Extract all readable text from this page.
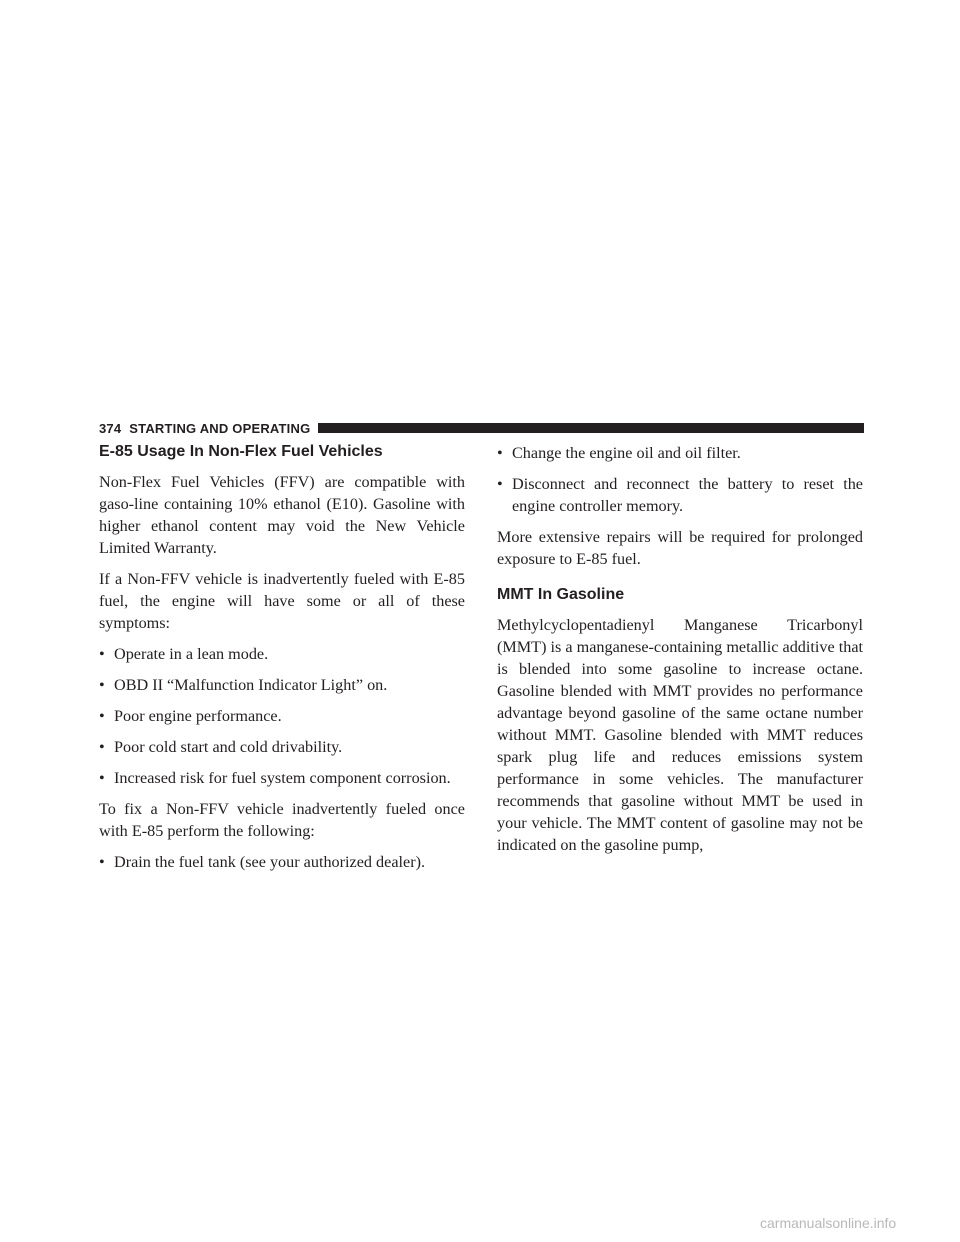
374 STARTING AND OPERATING
E-85 Usage In Non-Flex Fuel Vehicles

Non-Flex Fuel Vehicles (FFV) are compatible with gaso-line containing 10% ethanol (E10). Gasoline with higher ethanol content may void the New Vehicle Limited Warranty.

If a Non-FFV vehicle is inadvertently fueled with E-85 fuel, the engine will have some or all of these symptoms:

• Operate in a lean mode.
• OBD II “Malfunction Indicator Light” on.
• Poor engine performance.
• Poor cold start and cold drivability.
• Increased risk for fuel system component corrosion.

To fix a Non-FFV vehicle inadvertently fueled once with E-85 perform the following:

• Drain the fuel tank (see your authorized dealer).
• Change the engine oil and oil filter.
• Disconnect and reconnect the battery to reset the engine controller memory.

More extensive repairs will be required for prolonged exposure to E-85 fuel.

MMT In Gasoline

Methylcyclopentadienyl Manganese Tricarbonyl (MMT) is a manganese-containing metallic additive that is blended into some gasoline to increase octane. Gasoline blended with MMT provides no performance advantage beyond gasoline of the same octane number without MMT. Gasoline blended with MMT reduces spark plug life and reduces emissions system performance in some vehicles. The manufacturer recommends that gasoline without MMT be used in your vehicle. The MMT content of gasoline may not be indicated on the gasoline pump,

carmanualsonline.info
